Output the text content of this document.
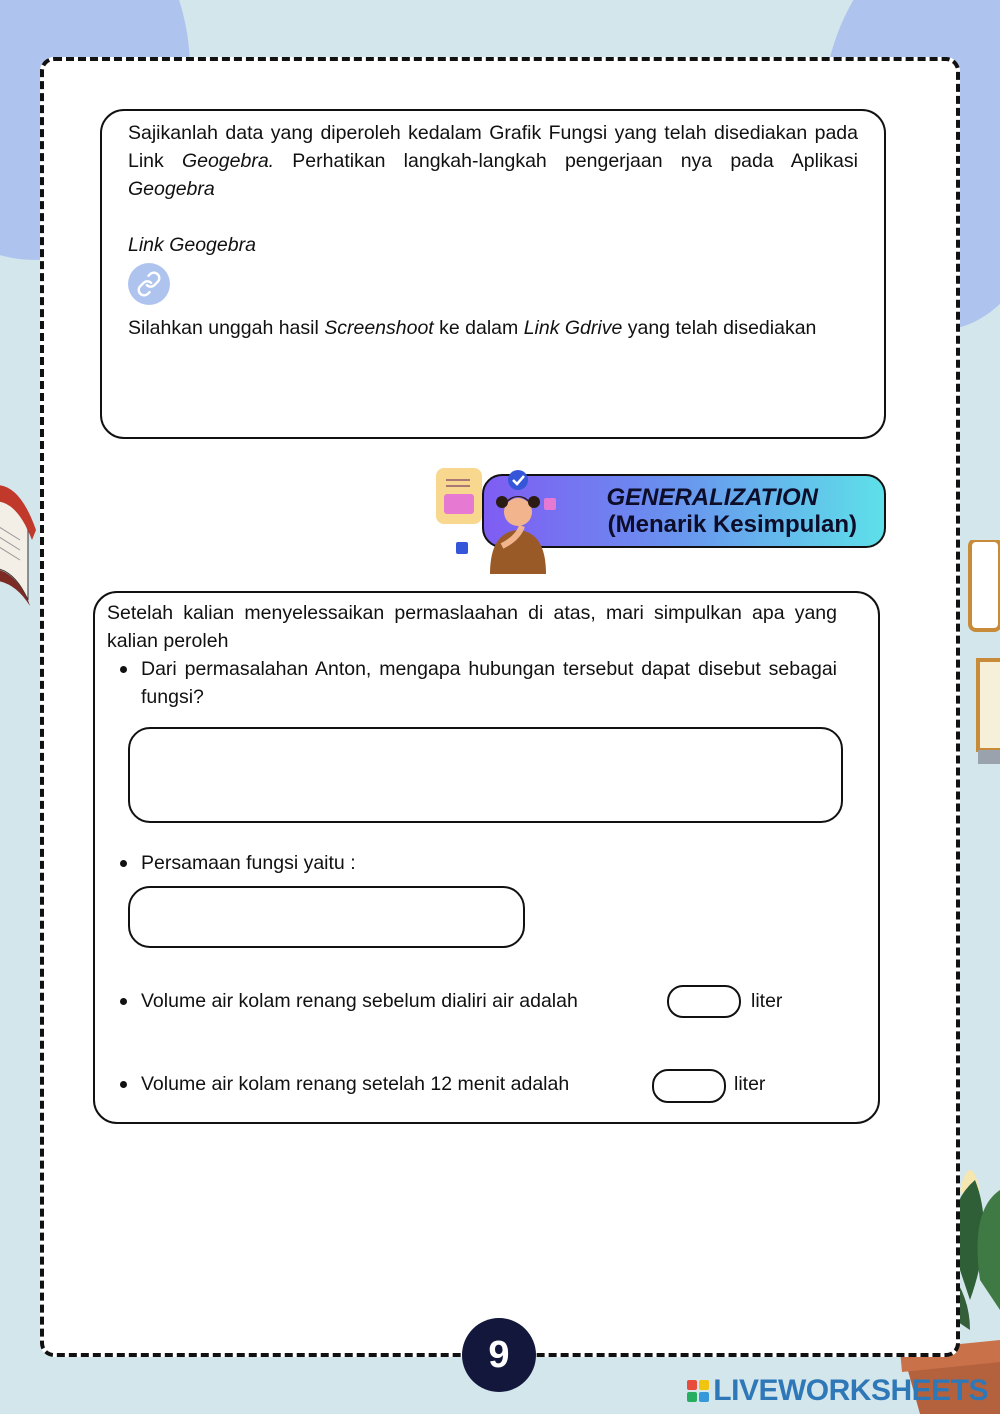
Sajikanlah data yang diperoleh kedalam Grafik Fungsi yang telah disediakan pada Link Geogebra. Perhatikan langkah-langkah pengerjaan nya pada Aplikasi Geogebra
Link Geogebra
Silahkan unggah hasil Screenshoot ke dalam Link Gdrive yang telah disediakan
GENERALIZATION
(Menarik Kesimpulan)
Setelah kalian menyelessaikan permaslaahan di atas, mari simpulkan apa yang kalian peroleh
Dari permasalahan Anton, mengapa hubungan tersebut dapat disebut sebagai fungsi?
Persamaan fungsi yaitu :
Volume air kolam renang sebelum dialiri air adalah	liter
Volume air kolam renang setelah 12 menit adalah	liter
9
LIVEWORKSHEETS
